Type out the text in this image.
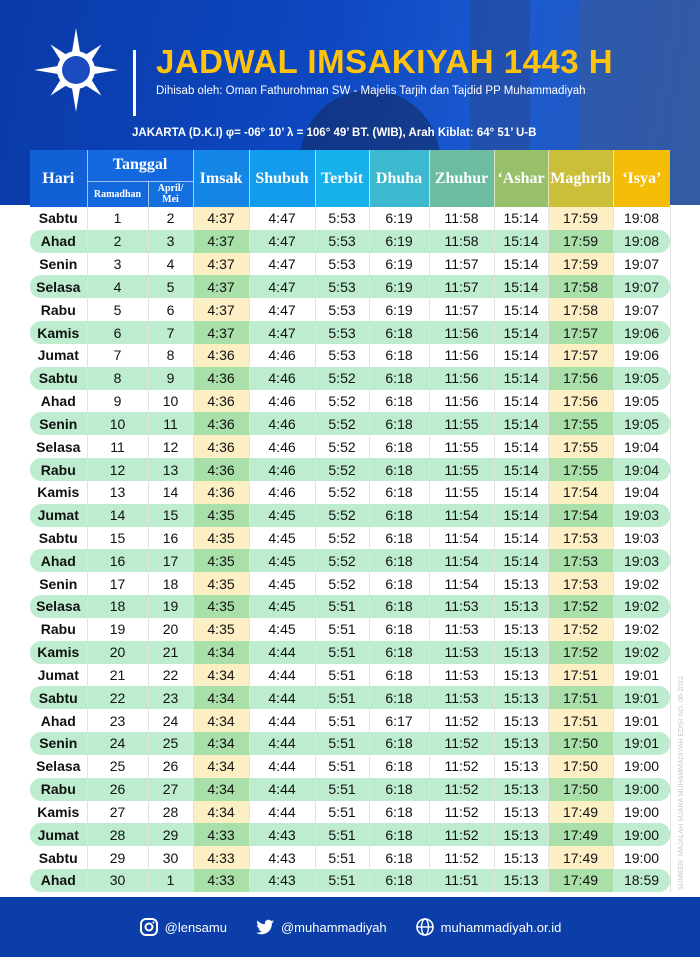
JADWAL IMSAKIYAH 1443 H
Dihisab oleh: Oman Fathurohman SW - Majelis Tarjih dan Tajdid PP Muhammadiyah
JAKARTA (D.K.I) φ= -06° 10’ λ = 106° 49’ BT. (WIB), Arah Kiblat: 64° 51’ U-B
Hari	Tanggal		Imsak	Shubuh	Terbit	Dhuha	Zhuhur	‘Ashar	Maghrib	‘Isya’
	Ramadhan	April/ Mei								
Sabtu	1	2	4:37	4:47	5:53	6:19	11:58	15:14	17:59	19:08
Ahad	2	3	4:37	4:47	5:53	6:19	11:58	15:14	17:59	19:08
Senin	3	4	4:37	4:47	5:53	6:19	11:57	15:14	17:59	19:07
Selasa	4	5	4:37	4:47	5:53	6:19	11:57	15:14	17:58	19:07
Rabu	5	6	4:37	4:47	5:53	6:19	11:57	15:14	17:58	19:07
Kamis	6	7	4:37	4:47	5:53	6:18	11:56	15:14	17:57	19:06
Jumat	7	8	4:36	4:46	5:53	6:18	11:56	15:14	17:57	19:06
Sabtu	8	9	4:36	4:46	5:52	6:18	11:56	15:14	17:56	19:05
Ahad	9	10	4:36	4:46	5:52	6:18	11:56	15:14	17:56	19:05
Senin	10	11	4:36	4:46	5:52	6:18	11:55	15:14	17:55	19:05
Selasa	11	12	4:36	4:46	5:52	6:18	11:55	15:14	17:55	19:04
Rabu	12	13	4:36	4:46	5:52	6:18	11:55	15:14	17:55	19:04
Kamis	13	14	4:36	4:46	5:52	6:18	11:55	15:14	17:54	19:04
Jumat	14	15	4:35	4:45	5:52	6:18	11:54	15:14	17:54	19:03
Sabtu	15	16	4:35	4:45	5:52	6:18	11:54	15:14	17:53	19:03
Ahad	16	17	4:35	4:45	5:52	6:18	11:54	15:14	17:53	19:03
Senin	17	18	4:35	4:45	5:52	6:18	11:54	15:13	17:53	19:02
Selasa	18	19	4:35	4:45	5:51	6:18	11:53	15:13	17:52	19:02
Rabu	19	20	4:35	4:45	5:51	6:18	11:53	15:13	17:52	19:02
Kamis	20	21	4:34	4:44	5:51	6:18	11:53	15:13	17:52	19:02
Jumat	21	22	4:34	4:44	5:51	6:18	11:53	15:13	17:51	19:01
Sabtu	22	23	4:34	4:44	5:51	6:18	11:53	15:13	17:51	19:01
Ahad	23	24	4:34	4:44	5:51	6:17	11:52	15:13	17:51	19:01
Senin	24	25	4:34	4:44	5:51	6:18	11:52	15:13	17:50	19:01
Selasa	25	26	4:34	4:44	5:51	6:18	11:52	15:13	17:50	19:00
Rabu	26	27	4:34	4:44	5:51	6:18	11:52	15:13	17:50	19:00
Kamis	27	28	4:34	4:44	5:51	6:18	11:52	15:13	17:49	19:00
Jumat	28	29	4:33	4:43	5:51	6:18	11:52	15:13	17:49	19:00
Sabtu	29	30	4:33	4:43	5:51	6:18	11:52	15:13	17:49	19:00
Ahad	30	1	4:33	4:43	5:51	6:18	11:51	15:13	17:49	18:59	SUMBER: MAJALAH SUARA MUHAMMADIYAH EDISI NO. 06-2022
@lensamu	@muhammadiyah	muhammadiyah.or.id
